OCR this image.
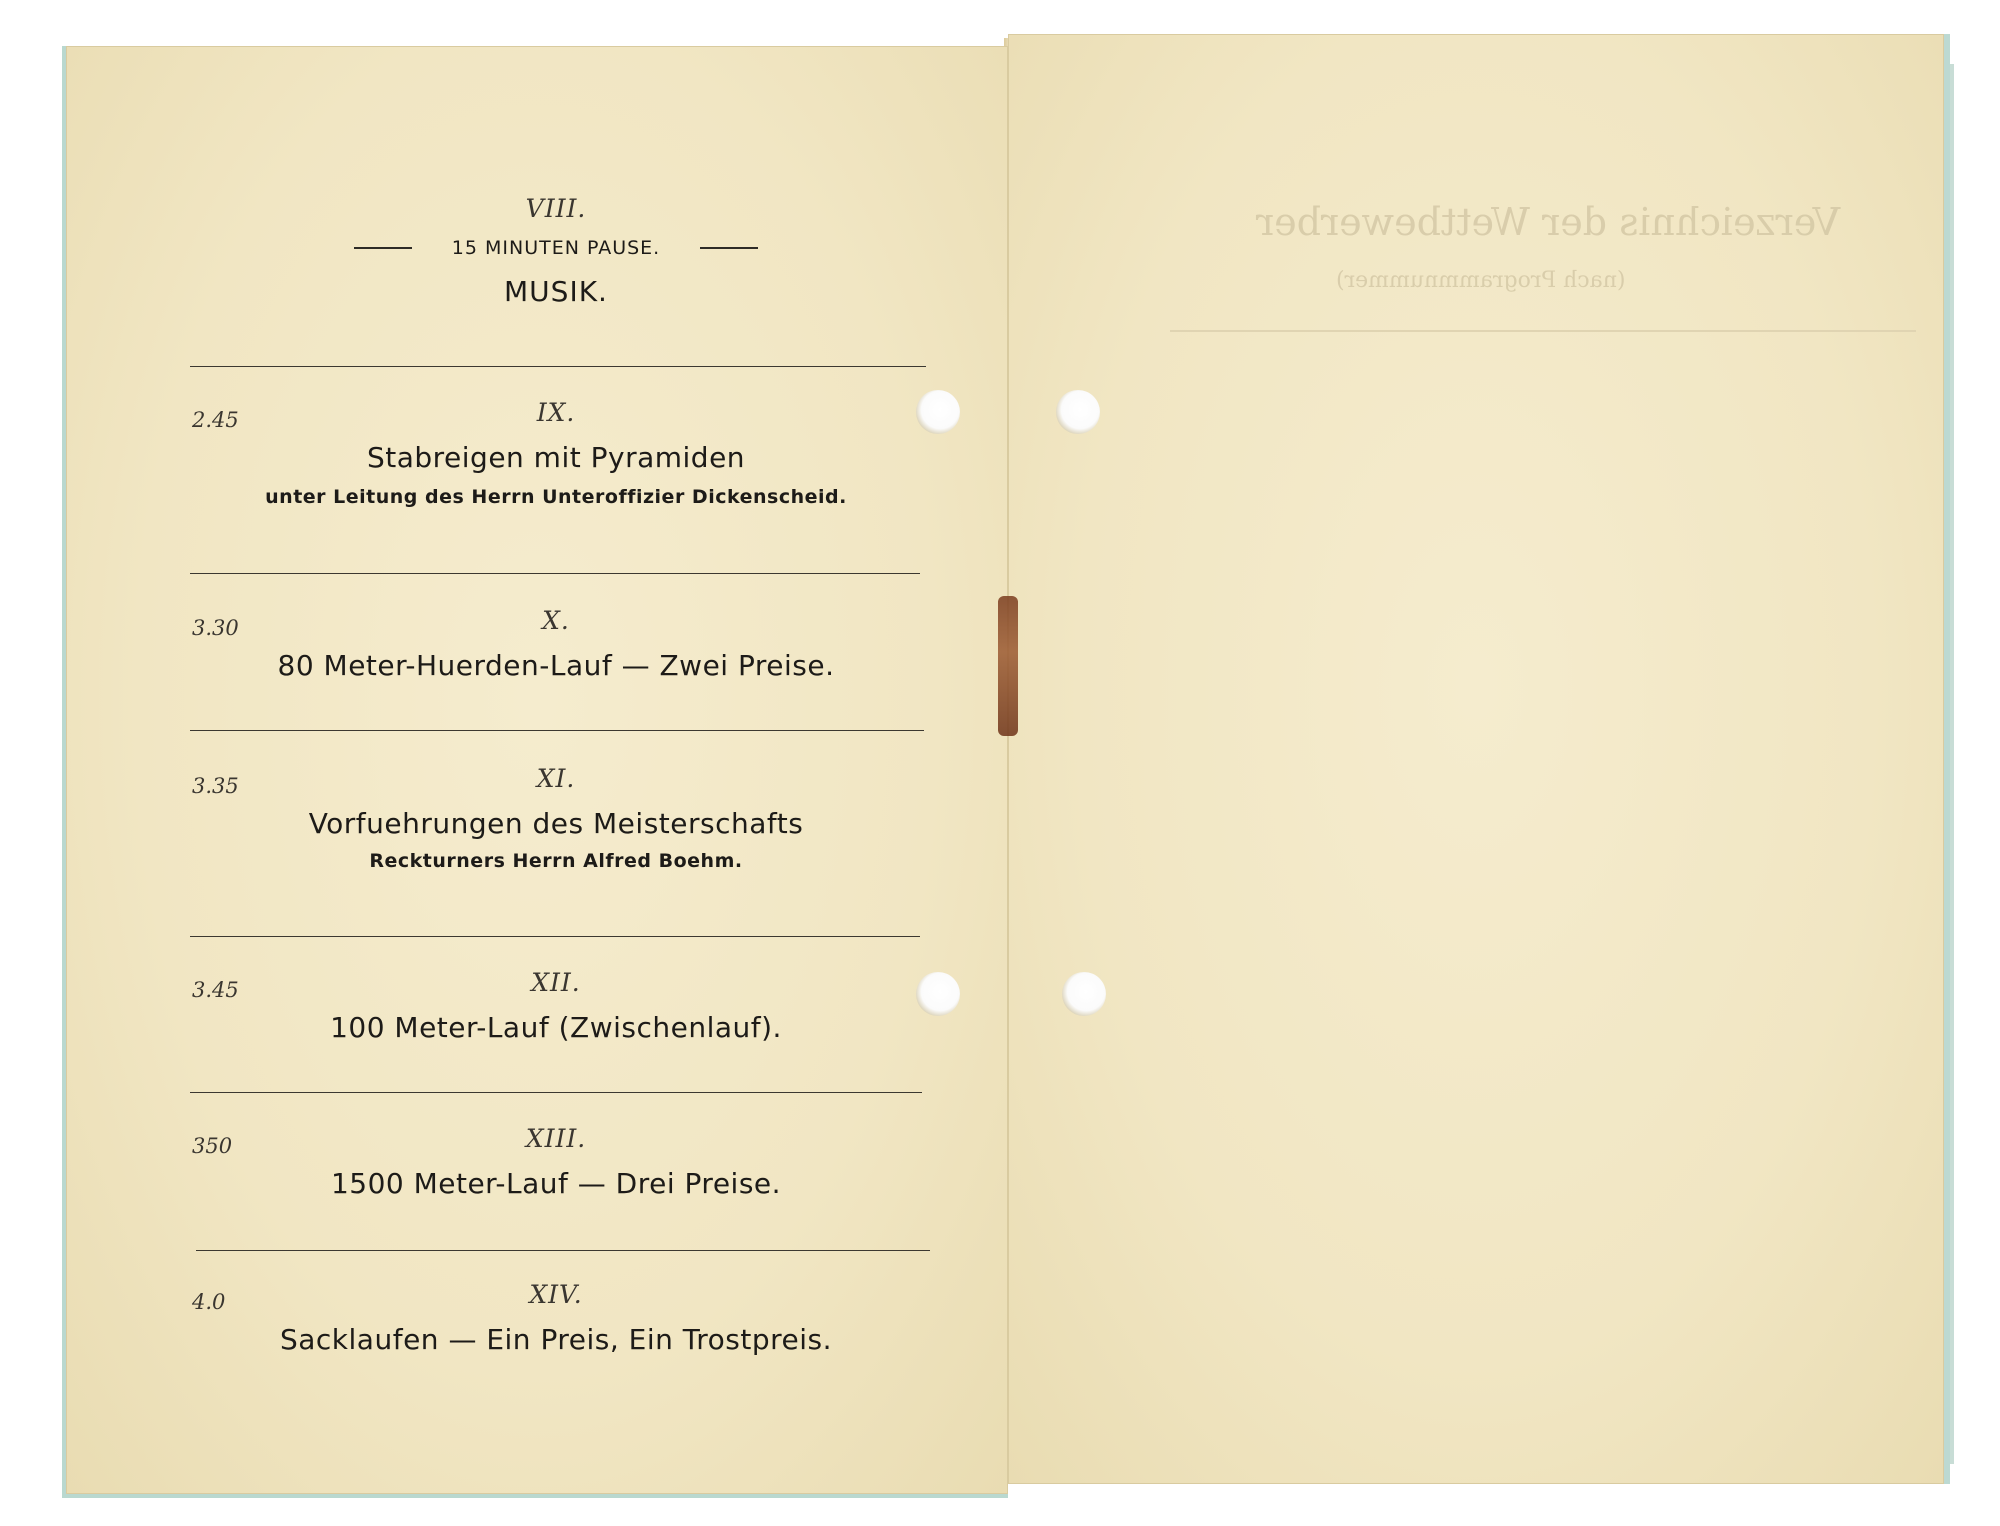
VIII.
15 MINUTEN PAUSE.
MUSIK.
2.45	IX.
Stabreigen mit Pyramiden
unter Leitung des Herrn Unteroffizier Dickenscheid.
3.30	X.
80 Meter-Huerden-Lauf — Zwei Preise.
3.35	XI.
Vorfuehrungen des Meisterschafts
Reckturners Herrn Alfred Boehm.
3.45	XII.
100 Meter-Lauf (Zwischenlauf).
350	XIII.
1500 Meter-Lauf — Drei Preise.
4.0	XIV.
Sacklaufen — Ein Preis, Ein Trostpreis.
Verzeichnis der Wettbewerber
(nach Programmnummer)
